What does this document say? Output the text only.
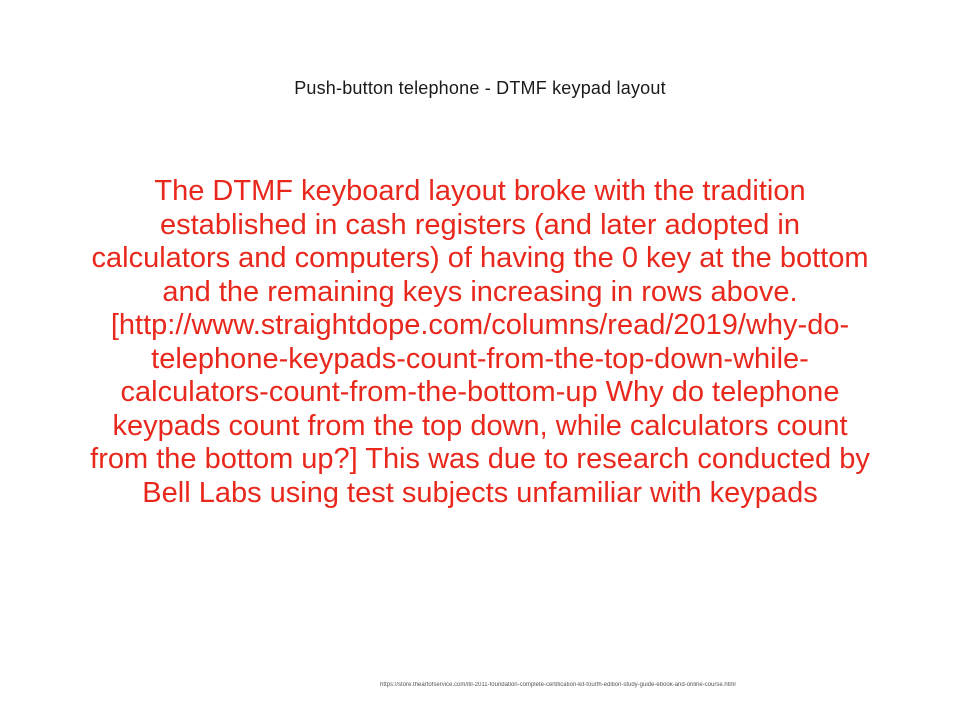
Push-button telephone - DTMF keypad layout
The DTMF keyboard layout broke with the tradition established in cash registers (and later adopted in calculators and computers) of having the 0 key at the bottom and the remaining keys increasing in rows above.[http://www.straightdope.com/columns/read/2019/why-do-telephone-keypads-count-from-the-top-down-while-calculators-count-from-the-bottom-up Why do telephone keypads count from the top down, while calculators count from the bottom up?] This was due to research conducted by Bell Labs using test subjects unfamiliar with keypads
https://store.theartofservice.com/itil-2011-foundation-complete-certification-kit-fourth-edition-study-guide-ebook-and-online-course.html
